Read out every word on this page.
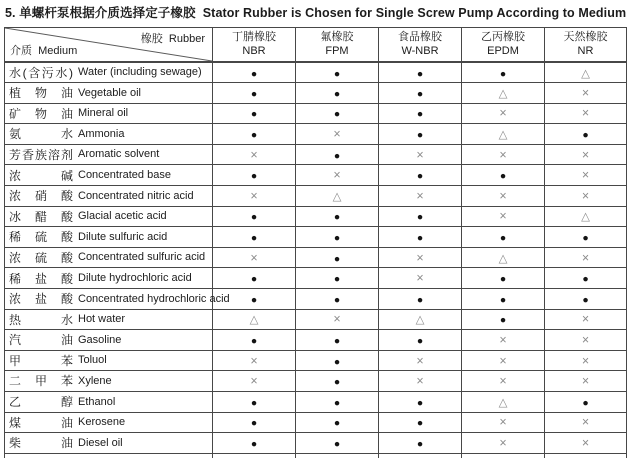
5. 单螺杆泵根据介质选择定子橡胶  Stator Rubber is Chosen for Single Screw Pump According to Medium
橡胶  Rubber
介质  Medium

丁腈橡胶
NBR

氟橡胶
FPM

食品橡胶
W-NBR

乙丙橡胶
EPDM

天然橡胶
NR

水(含污水) Water (including sewage)	●	●	●	●	△
植物油 Vegetable oil	●	●	●	△	×
矿物油 Mineral oil	●	●	●	×	×
氨水 Ammonia	●	×	●	△	●
芳香族溶剂 Aromatic solvent	×	●	×	×	×
浓碱 Concentrated base	●	×	●	●	×
浓硝酸 Concentrated nitric acid	×	△	×	×	×
冰醋酸 Glacial acetic acid	●	●	●	×	△
稀硫酸 Dilute sulfuric acid	●	●	●	●	●
浓硫酸 Concentrated sulfuric acid	×	●	×	△	×
稀盐酸 Dilute hydrochloric acid	●	●	×	●	●
浓盐酸 Concentrated hydrochloric acid	●	●	●	●	●
热水 Hot water	△	×	△	●	×
汽油 Gasoline	●	●	●	×	×
甲苯 Toluol	×	●	×	×	×
二甲苯 Xylene	×	●	×	×	×
乙醇 Ethanol	●	●	●	△	●
煤油 Kerosene	●	●	●	×	×
柴油 Diesel oil	●	●	●	×	×
